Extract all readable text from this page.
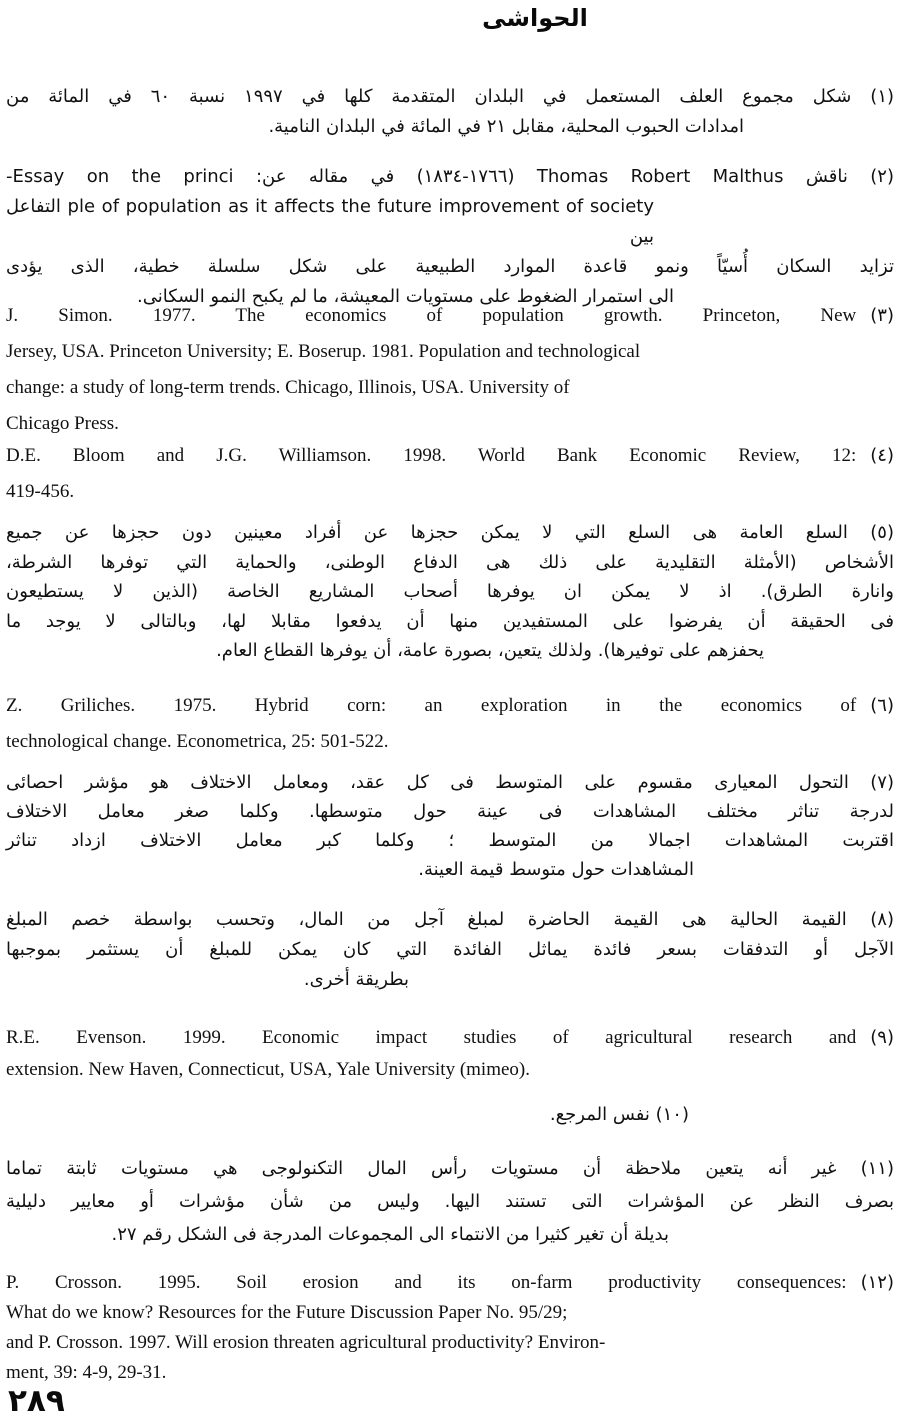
الحواشى
(١) شكل مجموع العلف المستعمل في البلدان المتقدمة كلها في ١٩٩٧ نسبة ٦٠ في المائة من
امدادات الحبوب المحلية، مقابل ٢١ في المائة في البلدان النامية.
(٢) ناقش Thomas Robert Malthus (١٧٦٦-١٨٣٤) في مقاله عن: Essay on the princi-
ple of population as it affects the future improvement of society التفاعل بين
تزايد السكان أُسيّاً ونمو قاعدة الموارد الطبيعية على شكل سلسلة خطية، الذى يؤدى
الى استمرار الضغوط على مستويات المعيشة، ما لم يكبح النمو السكانى.
J. Simon. 1977. The economics of population growth. Princeton, New (٣)
Jersey, USA. Princeton University; E. Boserup. 1981. Population and technological
change: a study of long-term trends. Chicago, Illinois, USA. University of
Chicago Press.
D.E. Bloom and J.G. Williamson. 1998. World Bank Economic Review, 12: (٤)
419-456.
(٥) السلع العامة هى السلع التي لا يمكن حجزها عن أفراد معينين دون حجزها عن جميع
الأشخاص (الأمثلة التقليدية على ذلك هى الدفاع الوطنى، والحماية التي توفرها الشرطة،
وانارة الطرق). اذ لا يمكن ان يوفرها أصحاب المشاريع الخاصة (الذين لا يستطيعون
فى الحقيقة أن يفرضوا على المستفيدين منها أن يدفعوا مقابلا لها، وبالتالى لا يوجد ما
يحفزهم على توفيرها). ولذلك يتعين، بصورة عامة، أن يوفرها القطاع العام.
Z. Griliches. 1975. Hybrid corn: an exploration in the economics of (٦)
technological change. Econometrica, 25: 501-522.
(٧) التحول المعيارى مقسوم على المتوسط فى كل عقد، ومعامل الاختلاف هو مؤشر احصائى
لدرجة تناثر مختلف المشاهدات فى عينة حول متوسطها. وكلما صغر معامل الاختلاف
اقتربت المشاهدات اجمالا من المتوسط ؛ وكلما كبر معامل الاختلاف ازداد تناثر
المشاهدات حول متوسط قيمة العينة.
(٨) القيمة الحالية هى القيمة الحاضرة لمبلغ آجل من المال، وتحسب بواسطة خصم المبلغ
الآجل أو التدفقات بسعر فائدة يماثل الفائدة التي كان يمكن للمبلغ أن يستثمر بموجبها
بطريقة أخرى.
R.E. Evenson. 1999. Economic impact studies of agricultural research and (٩)
extension. New Haven, Connecticut, USA, Yale University (mimeo).
(١٠) نفس المرجع.
(١١) غير أنه يتعين ملاحظة أن مستويات رأس المال التكنولوجى هي مستويات ثابتة تماما
بصرف النظر عن المؤشرات التى تستند اليها. وليس من شأن مؤشرات أو معايير دليلية
بديلة أن تغير كثيرا من الانتماء الى المجموعات المدرجة فى الشكل رقم ٢٧.
P. Crosson. 1995. Soil erosion and its on-farm productivity consequences: (١٢)
What do we know? Resources for the Future Discussion Paper No. 95/29;
and P. Crosson. 1997. Will erosion threaten agricultural productivity? Environ-
ment, 39: 4-9, 29-31.
٢٨٩
